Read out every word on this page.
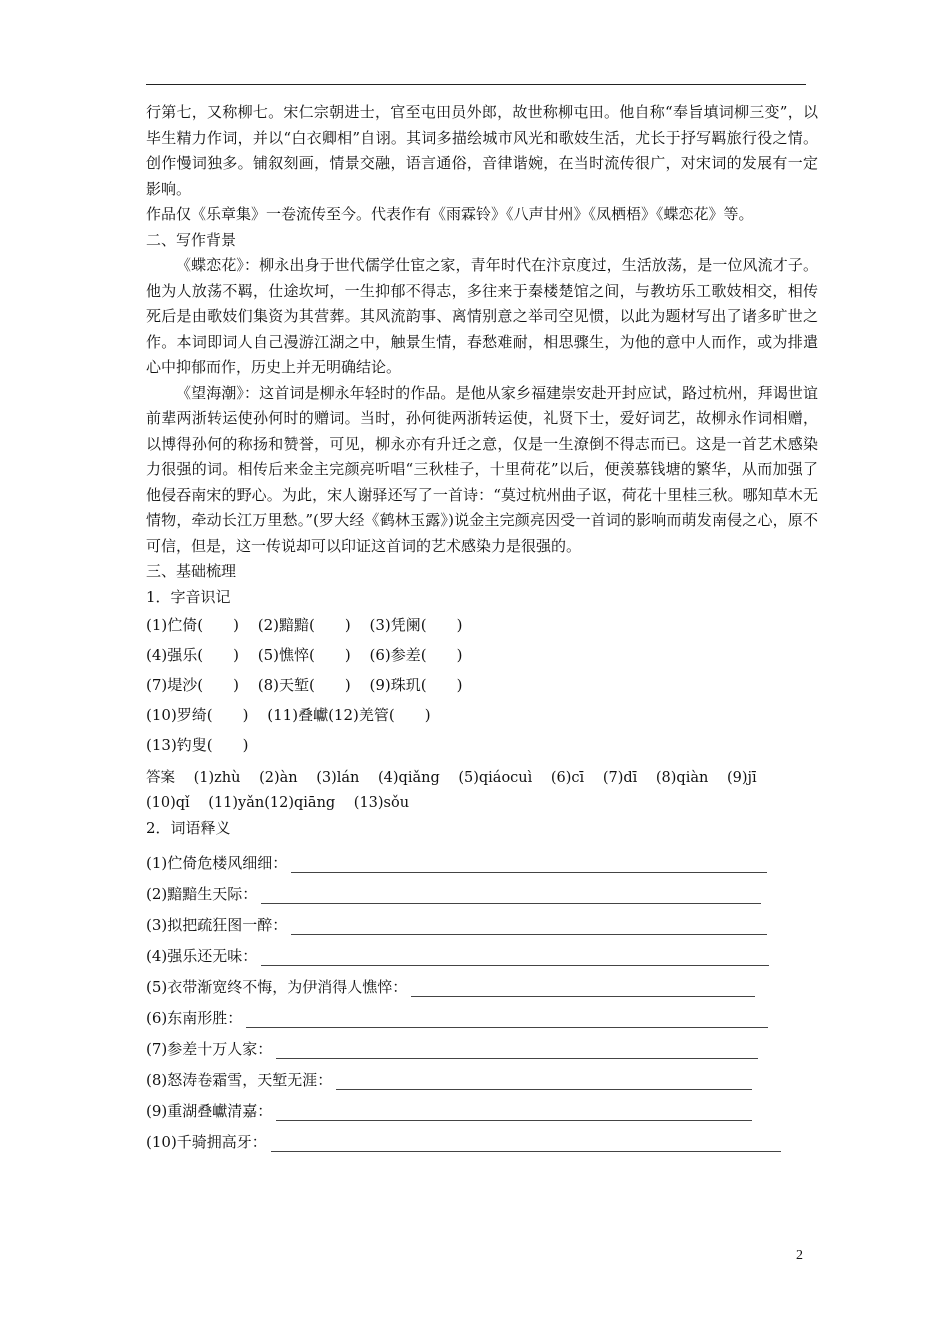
行第七，又称柳七。宋仁宗朝进士，官至屯田员外郎，故世称柳屯田。他自称“奉旨填词柳三变”，以毕生精力作词，并以“白衣卿相”自诩。其词多描绘城市风光和歌妓生活，尤长于抒写羁旅行役之情。创作慢词独多。铺叙刻画，情景交融，语言通俗，音律谐婉，在当时流传很广，对宋词的发展有一定影响。
作品仅《乐章集》一卷流传至今。代表作有《雨霖铃》《八声甘州》《凤栖梧》《蝶恋花》等。
二、写作背景
《蝶恋花》：柳永出身于世代儒学仕宦之家，青年时代在汴京度过，生活放荡，是一位风流才子。他为人放荡不羁，仕途坎坷，一生抑郁不得志，多往来于秦楼楚馆之间，与教坊乐工歌妓相交，相传死后是由歌妓们集资为其营葬。其风流韵事、离情别意之举司空见惯，以此为题材写出了诸多旷世之作。本词即词人自己漫游江湖之中，触景生情，春愁难耐，相思骤生，为他的意中人而作，或为排遣心中抑郁而作，历史上并无明确结论。
《望海潮》：这首词是柳永年轻时的作品。是他从家乡福建崇安赴开封应试，路过杭州，拜谒世谊前辈两浙转运使孙何时的赠词。当时，孙何徙两浙转运使，礼贤下士，爱好词艺，故柳永作词相赠，以博得孙何的称扬和赞誉，可见，柳永亦有升迁之意，仅是一生潦倒不得志而已。这是一首艺术感染力很强的词。相传后来金主完颜亮听唱“三秋桂子，十里荷花”以后，便羡慕钱塘的繁华，从而加强了他侵吞南宋的野心。为此，宋人谢驿还写了一首诗：“莫过杭州曲子讴，荷花十里桂三秋。哪知草木无情物，牵动长江万里愁。”(罗大经《鹤林玉露》)说金主完颜亮因受一首词的影响而萌发南侵之心，原不可信，但是，这一传说却可以印证这首词的艺术感染力是很强的。
三、基础梳理
1．字音识记
(1)伫倚(　　) (2)黯黯(　　) (3)凭阑(　　)
(4)强乐(　　) (5)憔悴(　　) (6)参差(　　)
(7)堤沙(　　) (8)天堑(　　) (9)珠玑(　　)
(10)罗绮(　　) (11)叠巘(12)羌管(　　)
(13)钓叟(　　)
答案 (1)zhù (2)àn (3)lán (4)qiǎng (5)qiáocuì (6)cī (7)dī (8)qiàn (9)jī
(10)qǐ (11)yǎn(12)qiāng (13)sǒu
2．词语释义
(1)伫倚危楼风细细：
(2)黯黯生天际：
(3)拟把疏狂图一醉：
(4)强乐还无味：
(5)衣带渐宽终不悔，为伊消得人憔悴：
(6)东南形胜：
(7)参差十万人家：
(8)怒涛卷霜雪，天堑无涯：
(9)重湖叠巘清嘉：
(10)千骑拥高牙：
2
